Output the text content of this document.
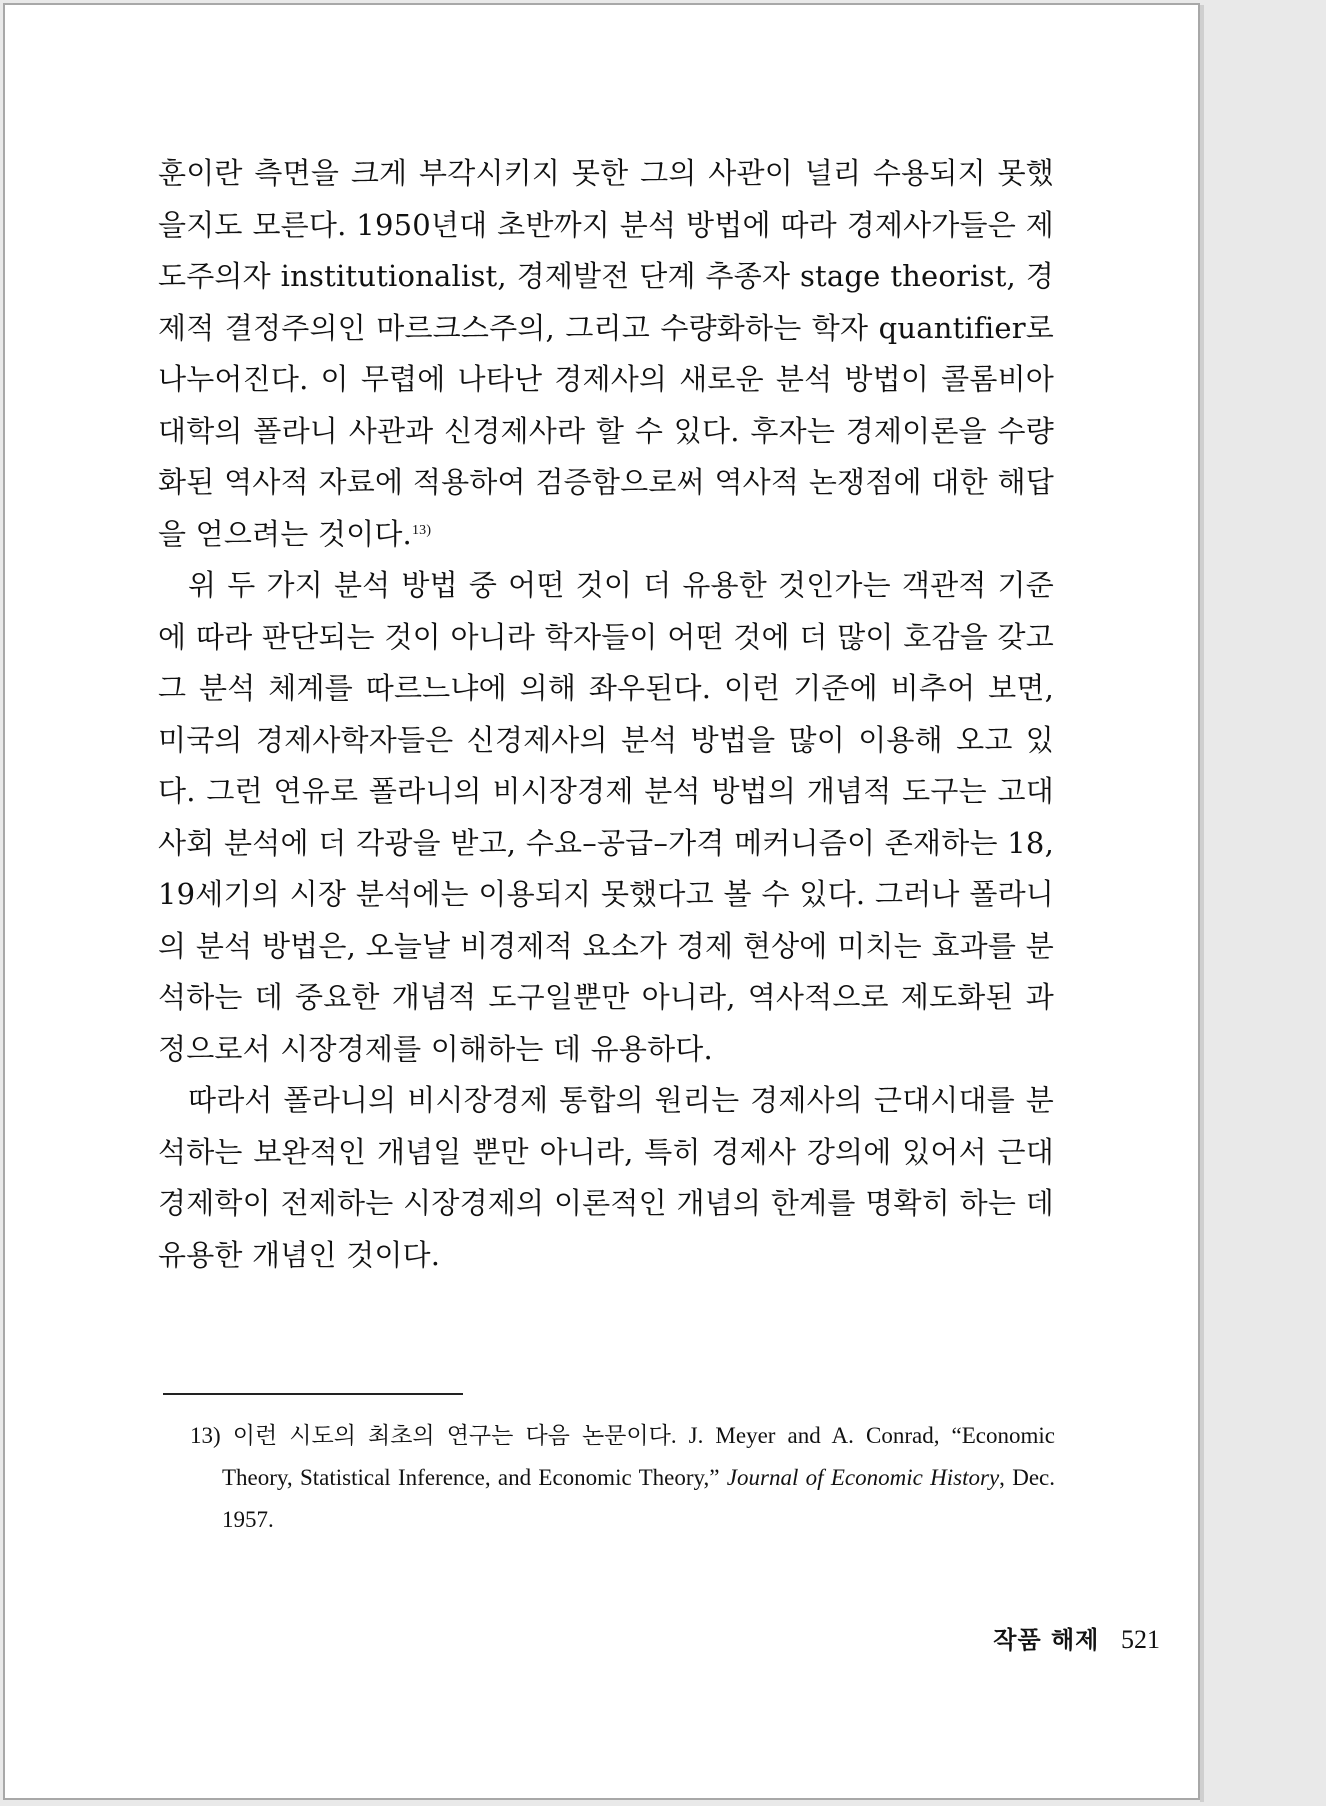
훈이란 측면을 크게 부각시키지 못한 그의 사관이 널리 수용되지 못했을지도 모른다. 1950년대 초반까지 분석 방법에 따라 경제사가들은 제도주의자 institutionalist, 경제발전 단계 추종자 stage theorist, 경제적 결정주의인 마르크스주의, 그리고 수량화하는 학자 quantifier로 나누어진다. 이 무렵에 나타난 경제사의 새로운 분석 방법이 콜롬비아 대학의 폴라니 사관과 신경제사라 할 수 있다. 후자는 경제이론을 수량화된 역사적 자료에 적용하여 검증함으로써 역사적 논쟁점에 대한 해답을 얻으려는 것이다.$^{13)}$

위 두 가지 분석 방법 중 어떤 것이 더 유용한 것인가는 객관적 기준에 따라 판단되는 것이 아니라 학자들이 어떤 것에 더 많이 호감을 갖고 그 분석 체계를 따르느냐에 의해 좌우된다. 이런 기준에 비추어 보면, 미국의 경제사학자들은 신경제사의 분석 방법을 많이 이용해 오고 있다. 그런 연유로 폴라니의 비시장경제 분석 방법의 개념적 도구는 고대사회 분석에 더 각광을 받고, 수요–공급–가격 메커니즘이 존재하는 18, 19세기의 시장 분석에는 이용되지 못했다고 볼 수 있다. 그러나 폴라니의 분석 방법은, 오늘날 비경제적 요소가 경제 현상에 미치는 효과를 분석하는 데 중요한 개념적 도구일뿐만 아니라, 역사적으로 제도화된 과정으로서 시장경제를 이해하는 데 유용하다.

따라서 폴라니의 비시장경제 통합의 원리는 경제사의 근대시대를 분석하는 보완적인 개념일 뿐만 아니라, 특히 경제사 강의에 있어서 근대경제학이 전제하는 시장경제의 이론적인 개념의 한계를 명확히 하는 데 유용한 개념인 것이다.

13) 이런 시도의 최초의 연구는 다음 논문이다. J. Meyer and A. Conrad, “Economic Theory, Statistical Inference, and Economic Theory,” Journal of Economic History, Dec. 1957.
작품 해제 521
